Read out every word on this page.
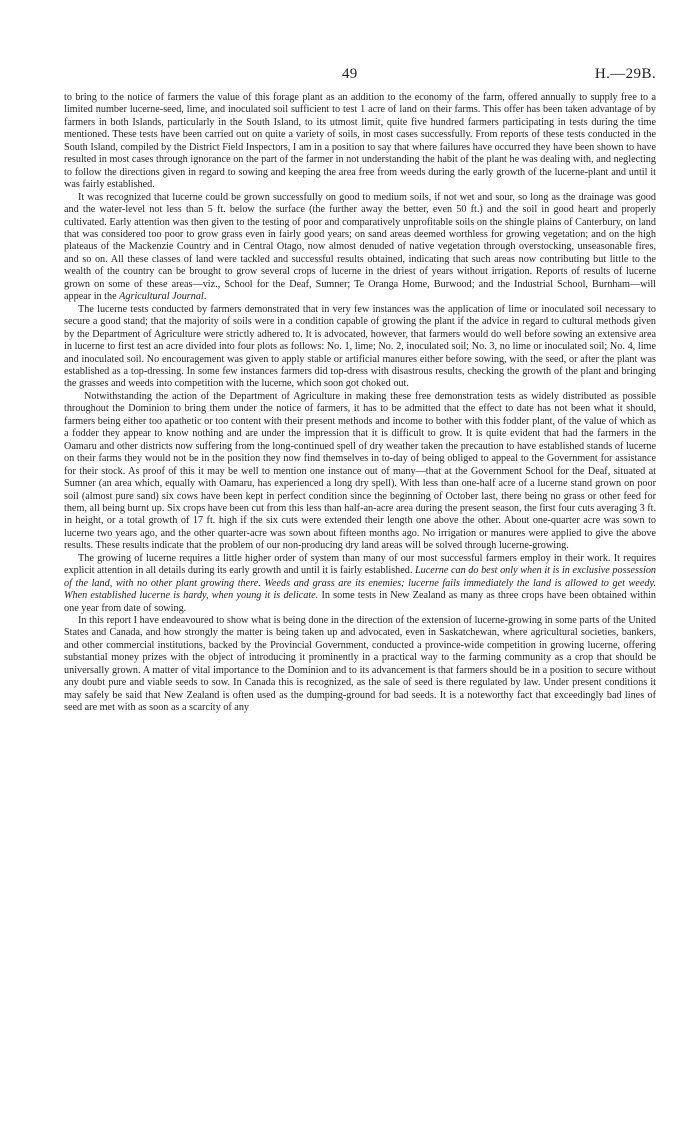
49	H.—29B.

to bring to the notice of farmers the value of this forage plant as an addition to the economy of the farm, offered annually to supply free to a limited number lucerne-seed, lime, and inoculated soil sufficient to test 1 acre of land on their farms. This offer has been taken advantage of by farmers in both Islands, particularly in the South Island, to its utmost limit, quite five hundred farmers participating in tests during the time mentioned. These tests have been carried out on quite a variety of soils, in most cases successfully. From reports of these tests conducted in the South Island, compiled by the District Field Inspectors, I am in a position to say that where failures have occurred they have been shown to have resulted in most cases through ignorance on the part of the farmer in not understanding the habit of the plant he was dealing with, and neglecting to follow the directions given in regard to sowing and keeping the area free from weeds during the early growth of the lucerne-plant and until it was fairly established.

It was recognized that lucerne could be grown successfully on good to medium soils, if not wet and sour, so long as the drainage was good and the water-level not less than 5 ft. below the surface (the further away the better, even 50 ft.) and the soil in good heart and properly cultivated. Early attention was then given to the testing of poor and comparatively unprofitable soils on the shingle plains of Canterbury, on land that was considered too poor to grow grass even in fairly good years; on sand areas deemed worthless for growing vegetation; and on the high plateaus of the Mackenzie Country and in Central Otago, now almost denuded of native vegetation through overstocking, unseasonable fires, and so on. All these classes of land were tackled and successful results obtained, indicating that such areas now contributing but little to the wealth of the country can be brought to grow several crops of lucerne in the driest of years without irrigation. Reports of results of lucerne grown on some of these areas—viz., School for the Deaf, Sumner; Te Oranga Home, Burwood; and the Industrial School, Burnham—will appear in the Agricultural Journal.

The lucerne tests conducted by farmers demonstrated that in very few instances was the application of lime or inoculated soil necessary to secure a good stand; that the majority of soils were in a condition capable of growing the plant if the advice in regard to cultural methods given by the Department of Agriculture were strictly adhered to. It is advocated, however, that farmers would do well before sowing an extensive area in lucerne to first test an acre divided into four plots as follows: No. 1, lime; No. 2, inoculated soil; No. 3, no lime or inoculated soil; No. 4, lime and inoculated soil. No encouragement was given to apply stable or artificial manures either before sowing, with the seed, or after the plant was established as a top-dressing. In some few instances farmers did top-dress with disastrous results, checking the growth of the plant and bringing the grasses and weeds into competition with the lucerne, which soon got choked out.

Notwithstanding the action of the Department of Agriculture in making these free demonstration tests as widely distributed as possible throughout the Dominion to bring them under the notice of farmers, it has to be admitted that the effect to date has not been what it should, farmers being either too apathetic or too content with their present methods and income to bother with this fodder plant, of the value of which as a fodder they appear to know nothing and are under the impression that it is difficult to grow. It is quite evident that had the farmers in the Oamaru and other districts now suffering from the long-continued spell of dry weather taken the precaution to have established stands of lucerne on their farms they would not be in the position they now find themselves in to-day of being obliged to appeal to the Government for assistance for their stock. As proof of this it may be well to mention one instance out of many—that at the Government School for the Deaf, situated at Sumner (an area which, equally with Oamaru, has experienced a long dry spell). With less than one-half acre of a lucerne stand grown on poor soil (almost pure sand) six cows have been kept in perfect condition since the beginning of October last, there being no grass or other feed for them, all being burnt up. Six crops have been cut from this less than half-an-acre area during the present season, the first four cuts averaging 3 ft. in height, or a total growth of 17 ft. high if the six cuts were extended their length one above the other. About one-quarter acre was sown to lucerne two years ago, and the other quarter-acre was sown about fifteen months ago. No irrigation or manures were applied to give the above results. These results indicate that the problem of our non-producing dry land areas will be solved through lucerne-growing.

The growing of lucerne requires a little higher order of system than many of our most successful farmers employ in their work. It requires explicit attention in all details during its early growth and until it is fairly established. Lucerne can do best only when it is in exclusive possession of the land, with no other plant growing there. Weeds and grass are its enemies; lucerne fails immediately the land is allowed to get weedy. When established lucerne is hardy, when young it is delicate. In some tests in New Zealand as many as three crops have been obtained within one year from date of sowing.

In this report I have endeavoured to show what is being done in the direction of the extension of lucerne-growing in some parts of the United States and Canada, and how strongly the matter is being taken up and advocated, even in Saskatchewan, where agricultural societies, bankers, and other commercial institutions, backed by the Provincial Government, conducted a province-wide competition in growing lucerne, offering substantial money prizes with the object of introducing it prominently in a practical way to the farming community as a crop that should be universally grown. A matter of vital importance to the Dominion and to its advancement is that farmers should be in a position to secure without any doubt pure and viable seeds to sow. In Canada this is recognized, as the sale of seed is there regulated by law. Under present conditions it may safely be said that New Zealand is often used as the dumping-ground for bad seeds. It is a noteworthy fact that exceedingly bad lines of seed are met with as soon as a scarcity of any
